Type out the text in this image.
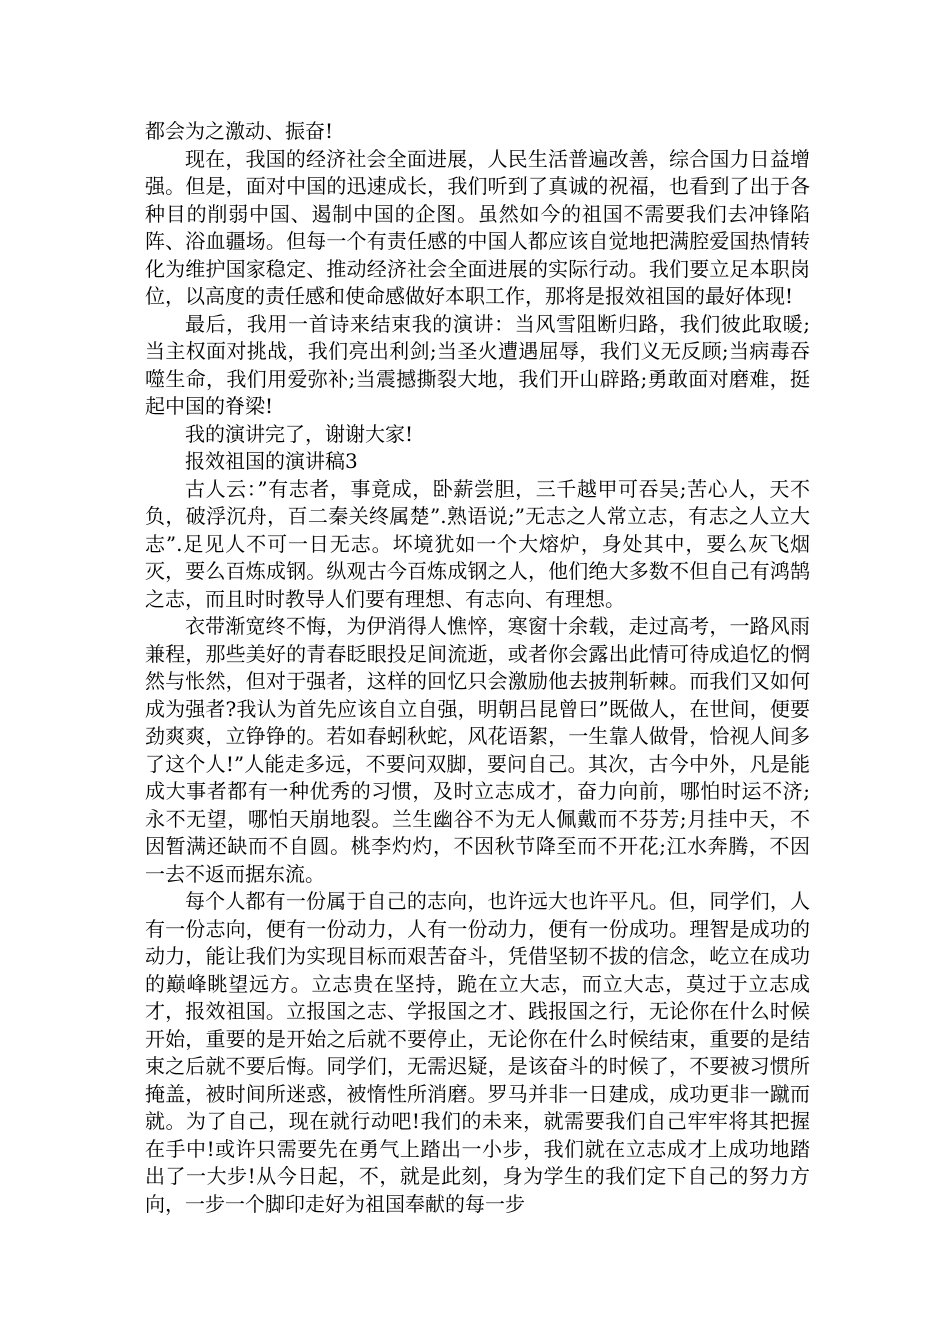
都会为之激动、振奋!

现在，我国的经济社会全面进展，人民生活普遍改善，综合国力日益增强。但是，面对中国的迅速成长，我们听到了真诚的祝福，也看到了出于各种目的削弱中国、遏制中国的企图。虽然如今的祖国不需要我们去冲锋陷阵、浴血疆场。但每一个有责任感的中国人都应该自觉地把满腔爱国热情转化为维护国家稳定、推动经济社会全面进展的实际行动。我们要立足本职岗位，以高度的责任感和使命感做好本职工作，那将是报效祖国的最好体现!

最后，我用一首诗来结束我的演讲：当风雪阻断归路，我们彼此取暖;当主权面对挑战，我们亮出利剑;当圣火遭遇屈辱，我们义无反顾;当病毒吞噬生命，我们用爱弥补;当震撼撕裂大地，我们开山辟路;勇敢面对磨难，挺起中国的脊梁!

我的演讲完了，谢谢大家!

报效祖国的演讲稿3

古人云：”有志者，事竟成，卧薪尝胆，三千越甲可吞吴;苦心人，天不负，破浮沉舟，百二秦关终属楚”.熟语说;”无志之人常立志，有志之人立大志”.足见人不可一日无志。坏境犹如一个大熔炉，身处其中，要么灰飞烟灭，要么百炼成钢。纵观古今百炼成钢之人，他们绝大多数不但自己有鸿鹄之志，而且时时教导人们要有理想、有志向、有理想。

衣带渐宽终不悔，为伊消得人憔悴，寒窗十余载，走过高考，一路风雨兼程，那些美好的青春眨眼投足间流逝，或者你会露出此情可待成追忆的惘然与怅然，但对于强者，这样的回忆只会激励他去披荆斩棘。而我们又如何成为强者?我认为首先应该自立自强，明朝吕昆曾曰”既做人，在世间，便要劲爽爽，立铮铮的。若如春蚓秋蛇，风花语絮，一生靠人做骨，恰视人间多了这个人!”人能走多远，不要问双脚，要问自己。其次，古今中外，凡是能成大事者都有一种优秀的习惯，及时立志成才，奋力向前，哪怕时运不济;永不无望，哪怕天崩地裂。兰生幽谷不为无人佩戴而不芬芳;月挂中天，不因暂满还缺而不自圆。桃李灼灼，不因秋节降至而不开花;江水奔腾，不因一去不返而据东流。

每个人都有一份属于自己的志向，也许远大也许平凡。但，同学们，人有一份志向，便有一份动力，人有一份动力，便有一份成功。理智是成功的动力，能让我们为实现目标而艰苦奋斗，凭借坚韧不拔的信念，屹立在成功的巅峰眺望远方。立志贵在坚持，跪在立大志，而立大志，莫过于立志成才，报效祖国。立报国之志、学报国之才、践报国之行，无论你在什么时候开始，重要的是开始之后就不要停止，无论你在什么时候结束，重要的是结束之后就不要后悔。同学们，无需迟疑，是该奋斗的时候了，不要被习惯所掩盖，被时间所迷惑，被惰性所消磨。罗马并非一日建成，成功更非一蹴而就。为了自己，现在就行动吧!我们的未来，就需要我们自己牢牢将其把握在手中!或许只需要先在勇气上踏出一小步，我们就在立志成才上成功地踏出了一大步!从今日起，不，就是此刻，身为学生的我们定下自己的努力方向，一步一个脚印走好为祖国奉献的每一步
